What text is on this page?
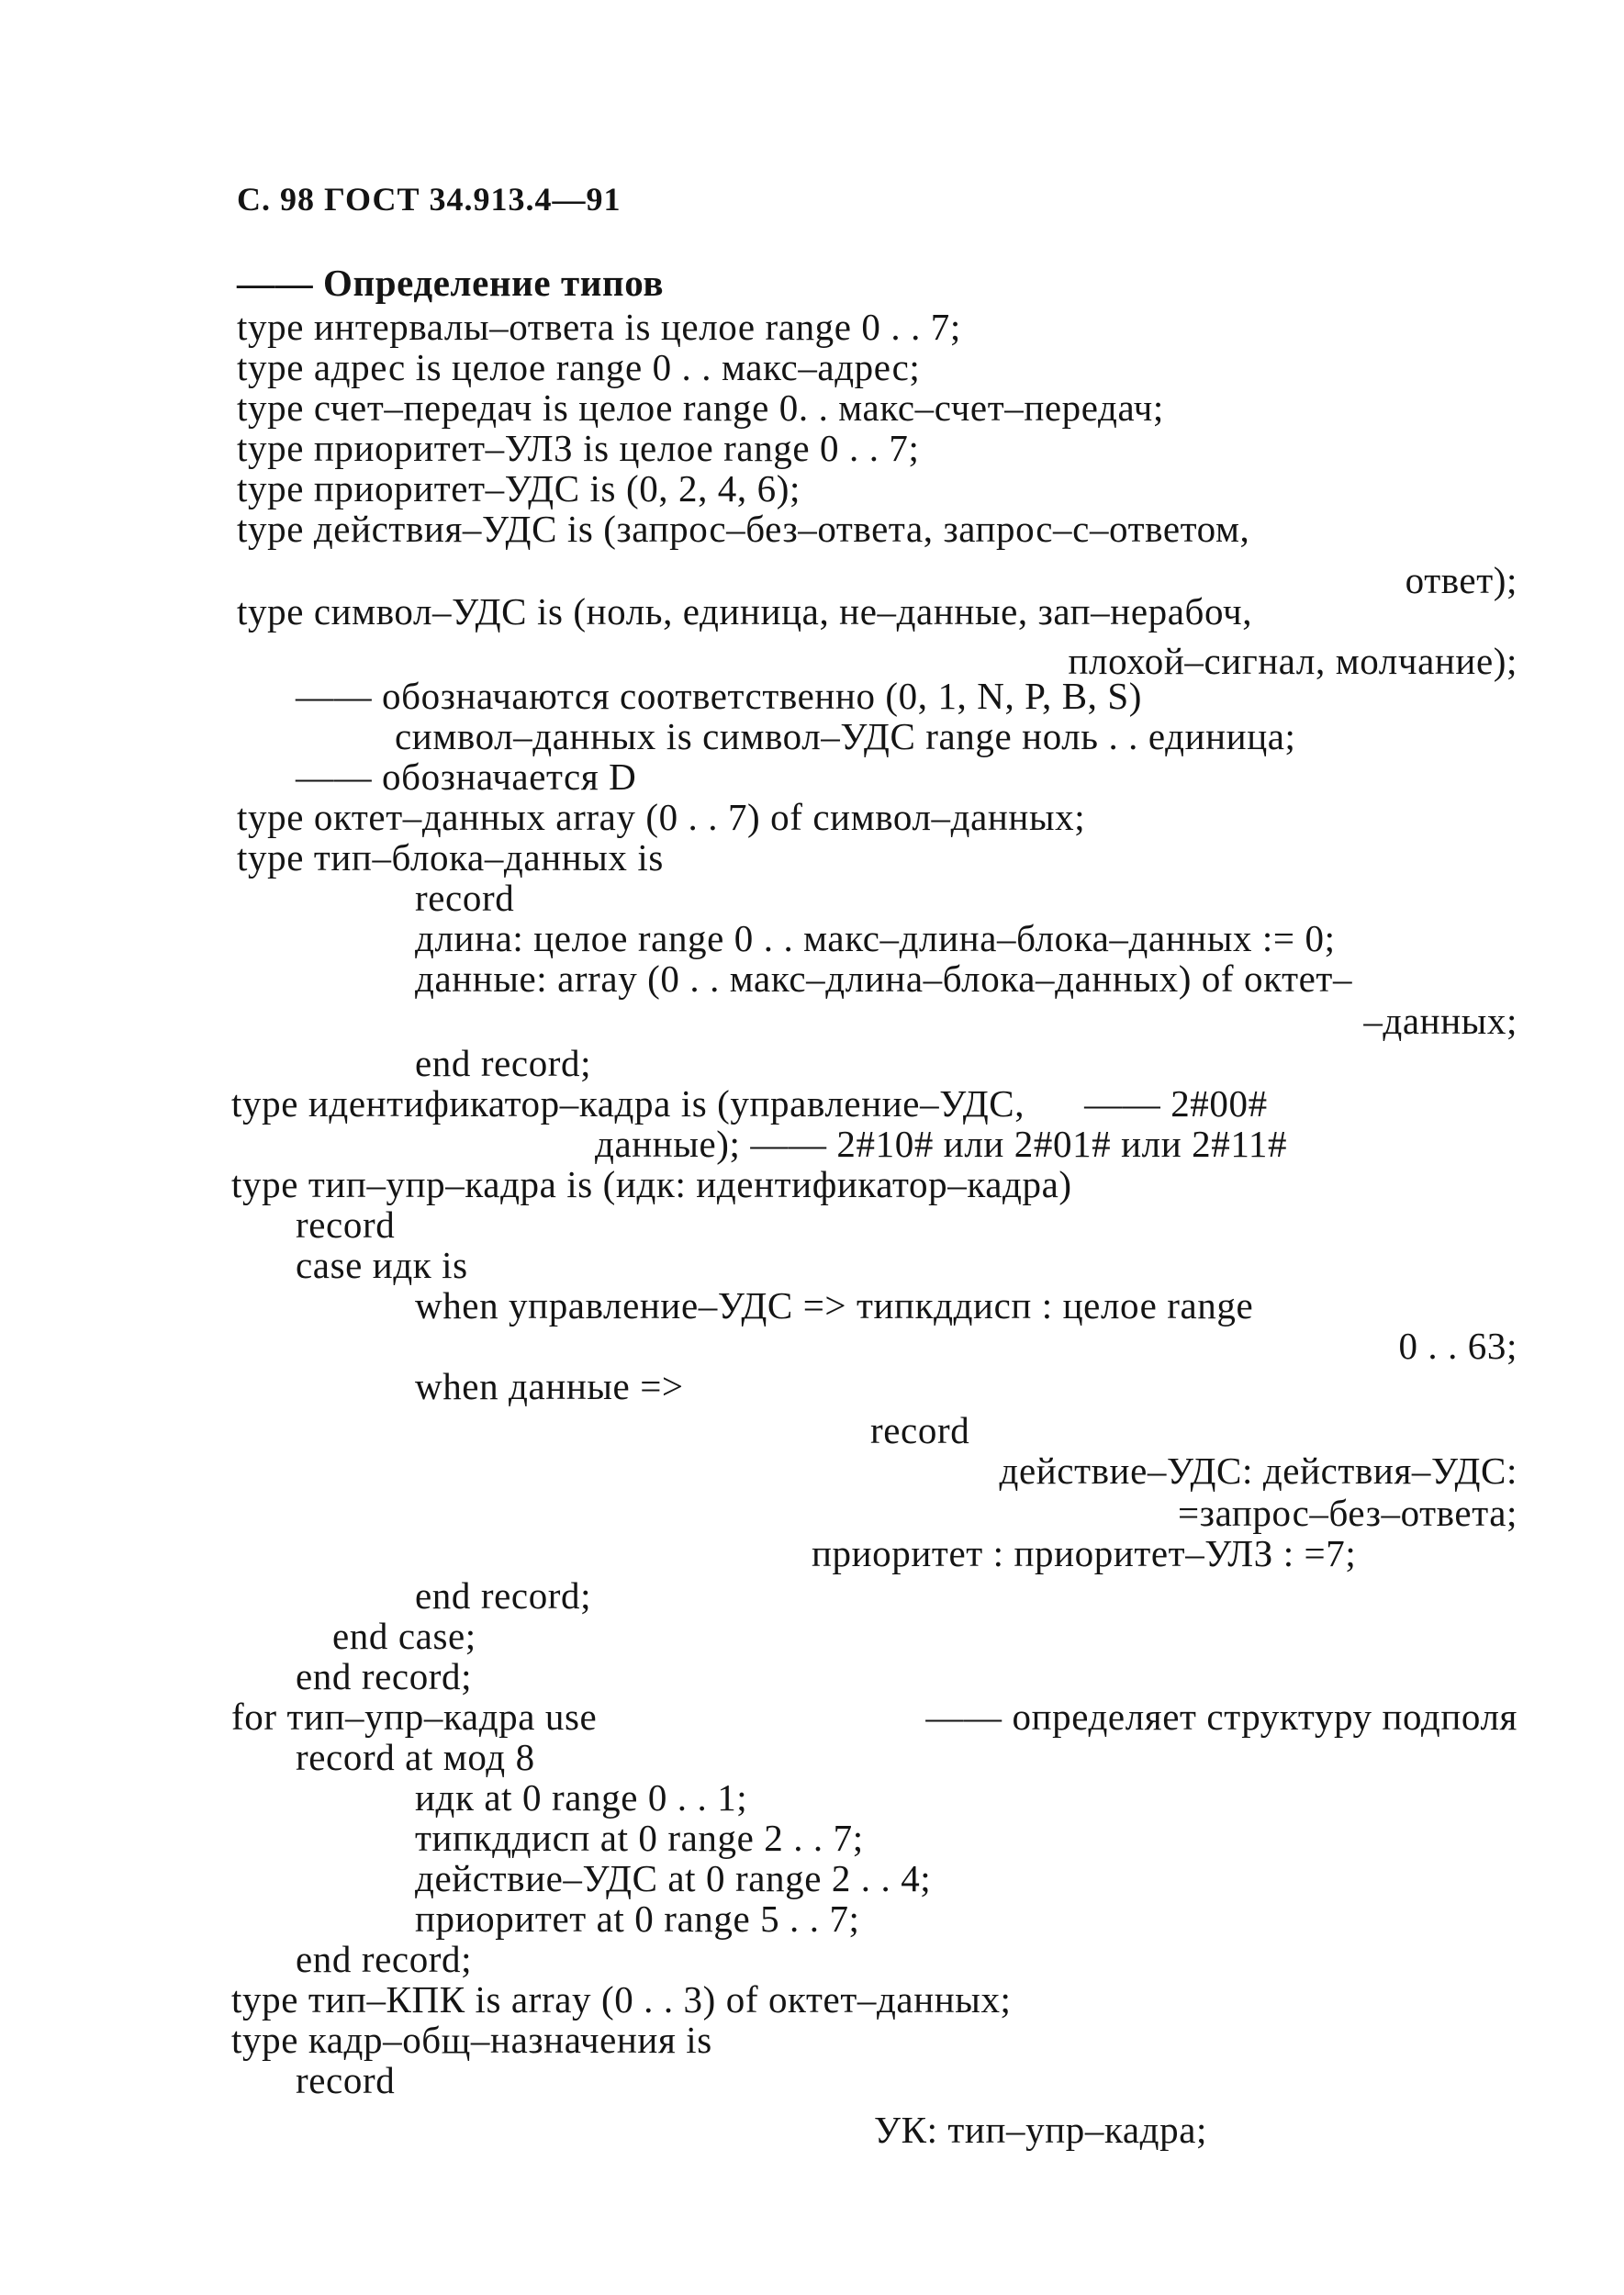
С. 98 ГОСТ 34.913.4—91
—— Определение типов
type интервалы–ответа is целое range 0 . . 7;
type адрес is целое range 0 . . макс–адрес;
type счет–передач is целое range 0. . макс–счет–передач;
type приоритет–УЛЗ is целое range 0 . . 7;
type приоритет–УДС is (0, 2, 4, 6);
type действия–УДС is (запрос–без–ответа, запрос–с–ответом,
ответ);
type символ–УДС is (ноль, единица, не–данные, зап–нерабоч,
плохой–сигнал, молчание);
—— обозначаются соответственно (0, 1, N, P, B, S)
символ–данных is символ–УДС range ноль . . единица;
—— обозначается D
type октет–данных array (0 . . 7) of символ–данных;
type тип–блока–данных is
record
длина: целое range 0 . . макс–длина–блока–данных := 0;
данные: array (0 . . макс–длина–блока–данных) of октет–
–данных;
end record;
type идентификатор–кадра is (управление–УДС,      —— 2#00#
данные); —— 2#10# или 2#01# или 2#11#
type тип–упр–кадра is (идк: идентификатор–кадра)
record
case идк is
when управление–УДС => типкддисп : целое range
0 . . 63;
when данные =>
record
действие–УДС: действия–УДС:
=запрос–без–ответа;
приоритет : приоритет–УЛЗ : =7;
end record;
end case;
end record;
for тип–упр–кадра use	—— определяет структуру подполя
record at мод 8
идк at 0 range 0 . . 1;
типкддисп at 0 range 2 . . 7;
действие–УДС at 0 range 2 . . 4;
приоритет at 0 range 5 . . 7;
end record;
type тип–КПК is array (0 . . 3) of октет–данных;
type кадр–общ–назначения is
record
УК: тип–упр–кадра;
